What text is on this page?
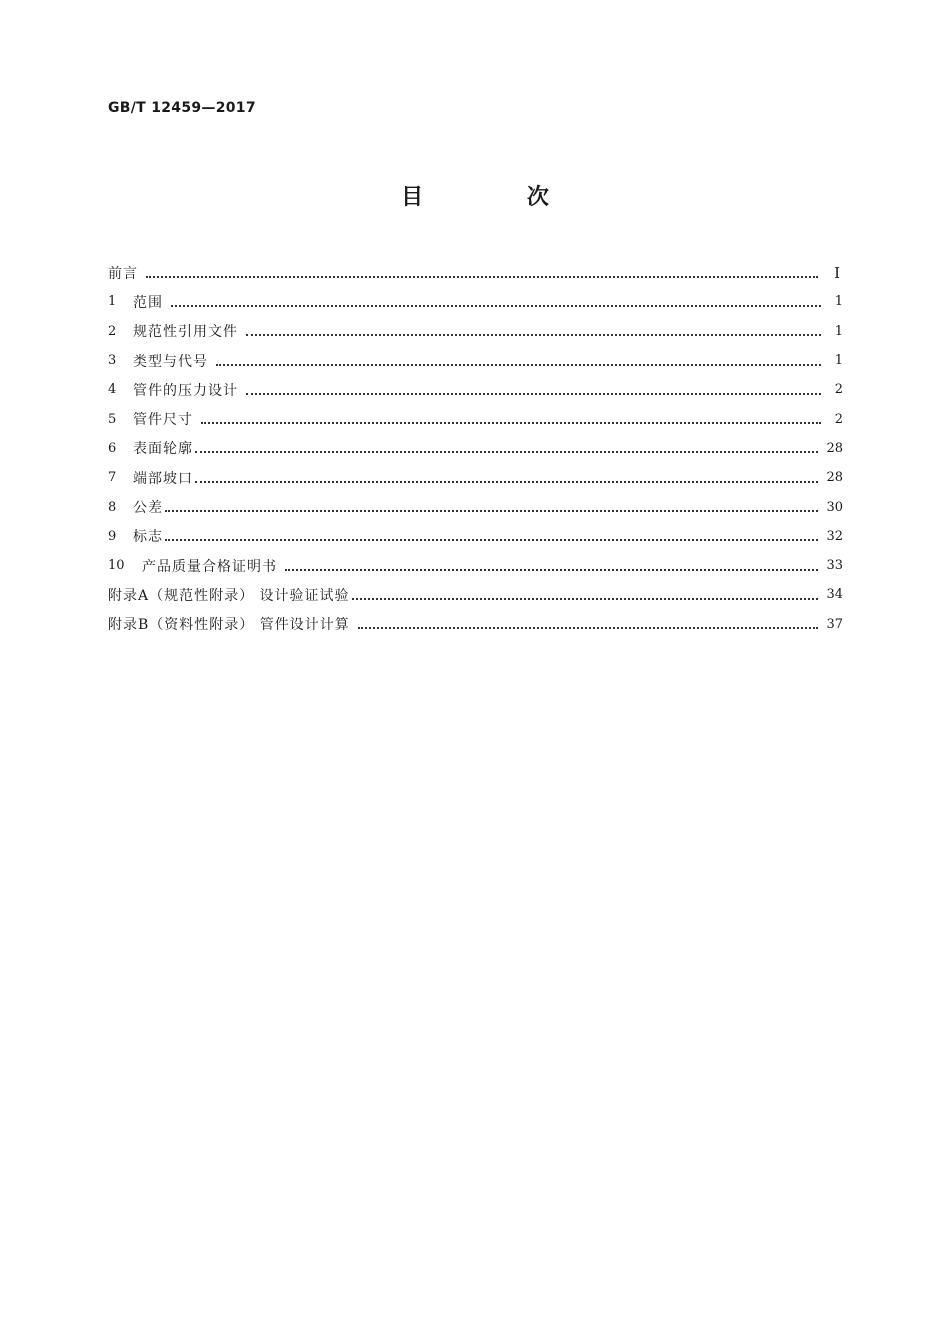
GB/T 12459—2017
目 次
前言	Ⅰ
1	范围	1
2	规范性引用文件	1
3	类型与代号	1
4	管件的压力设计	2
5	管件尺寸	2
6	表面轮廓	28
7	端部坡口	28
8	公差	30
9	标志	32
10	产品质量合格证明书	33
附录A（规范性附录） 设计验证试验	34
附录B（资料性附录） 管件设计计算	37
